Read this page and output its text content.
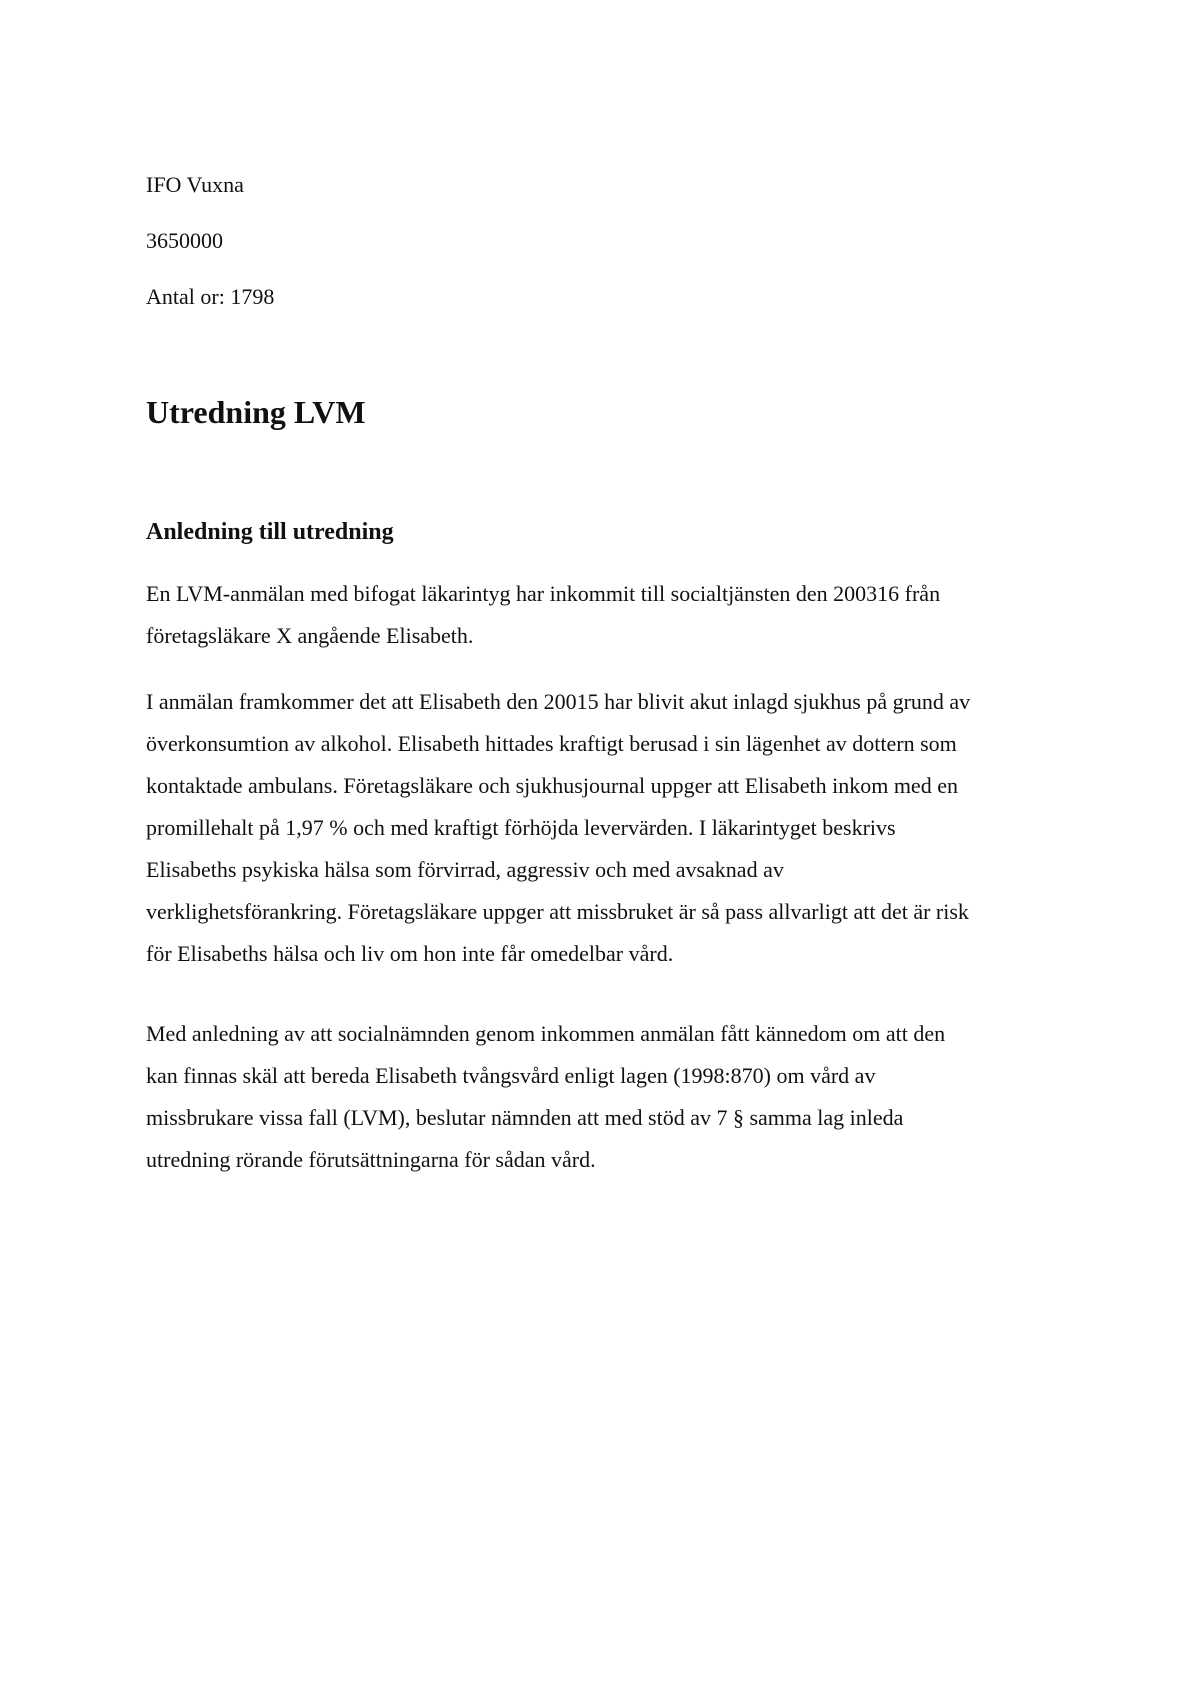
IFO Vuxna
3650000
Antal or: 1798
Utredning LVM
Anledning till utredning
En LVM-anmälan med bifogat läkarintyg har inkommit till socialtjänsten den 200316 från
företagsläkare X angående Elisabeth.
I anmälan framkommer det att Elisabeth den 20015 har blivit akut inlagd sjukhus på grund av
överkonsumtion av alkohol. Elisabeth hittades kraftigt berusad i sin lägenhet av dottern som
kontaktade ambulans. Företagsläkare och sjukhusjournal uppger att Elisabeth inkom med en
promillehalt på 1,97 % och med kraftigt förhöjda levervärden. I läkarintyget beskrivs
Elisabeths psykiska hälsa som förvirrad, aggressiv och med avsaknad av
verklighetsförankring. Företagsläkare uppger att missbruket är så pass allvarligt att det är risk
för Elisabeths hälsa och liv om hon inte får omedelbar vård.
Med anledning av att socialnämnden genom inkommen anmälan fått kännedom om att den
kan finnas skäl att bereda Elisabeth tvångsvård enligt lagen (1998:870) om vård av
missbrukare vissa fall (LVM), beslutar nämnden att med stöd av 7 § samma lag inleda
utredning rörande förutsättningarna för sådan vård.
